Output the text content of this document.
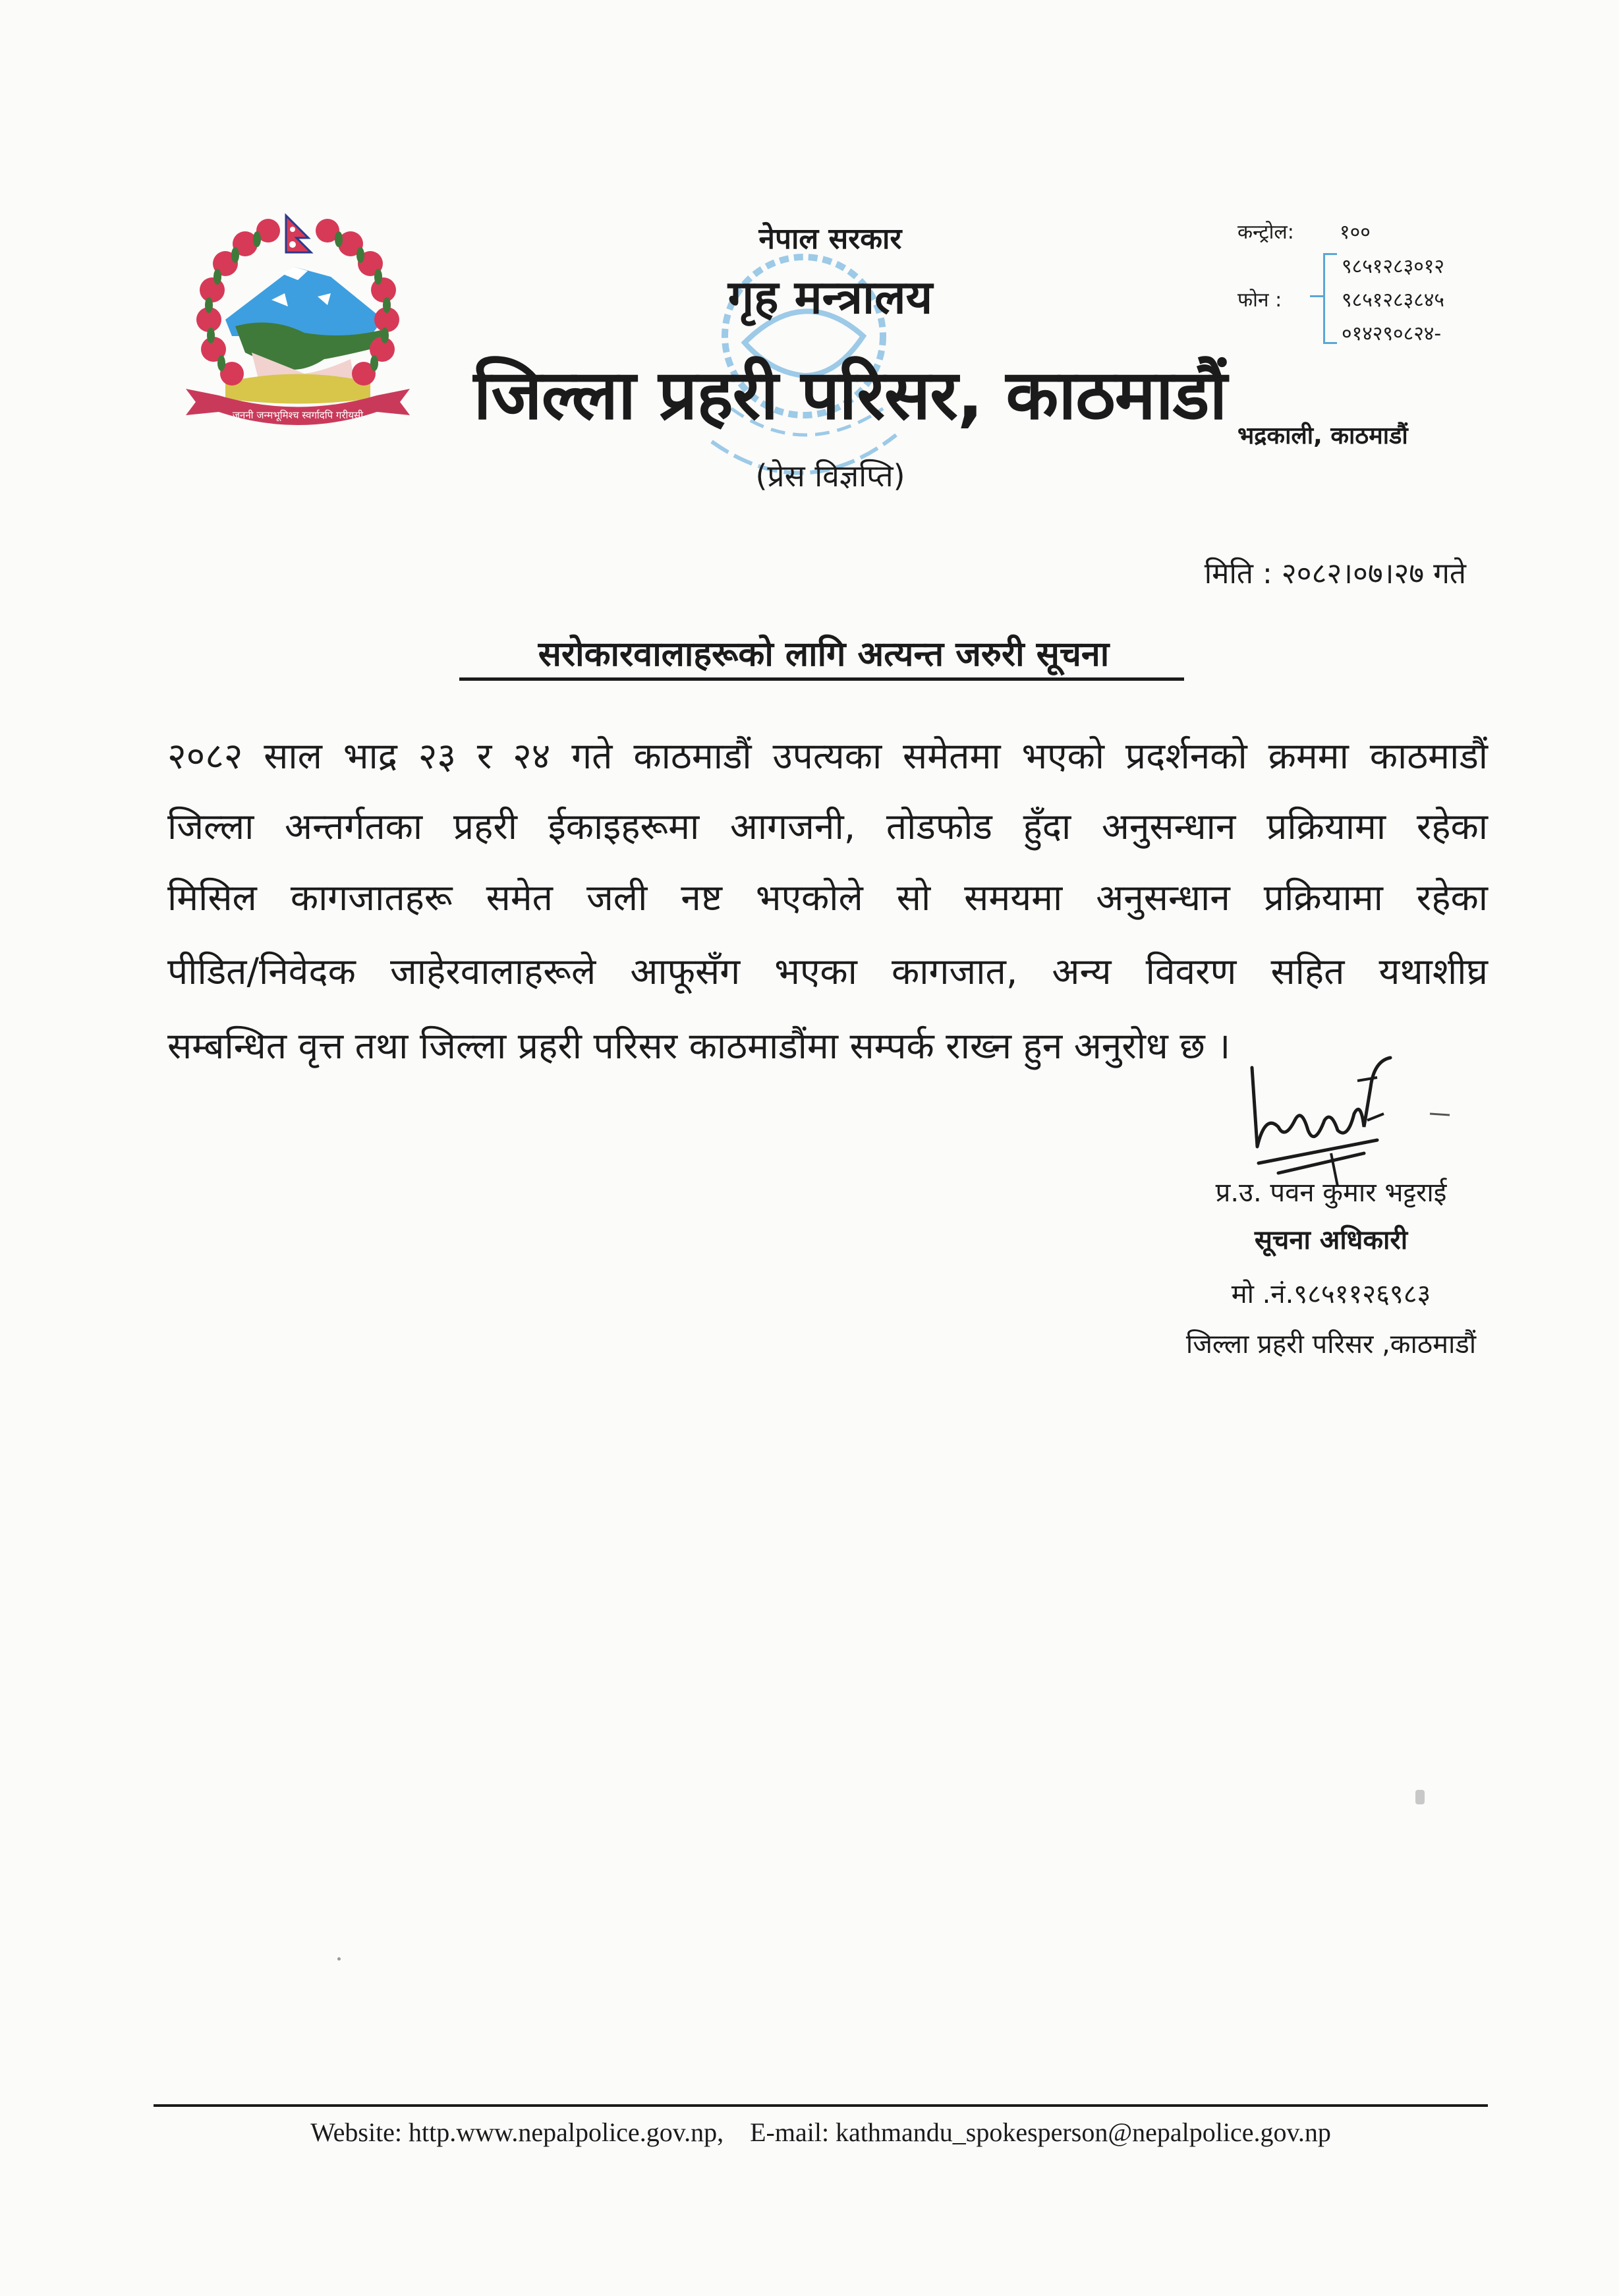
जननी जन्मभूमिश्च स्वर्गादपि गरीयसी
नेपाल सरकार
गृह मन्त्रालय
जिल्ला प्रहरी परिसर, काठमाडौं
(प्रेस विज्ञप्ति)
कन्ट्रोल: १००
फोन :
९८५१२८३०१२
९८५१२८३८४५
०१४२९०८२४-
भद्रकाली, काठमाडौं
मिति : २०८२।०७।२७ गते
सरोकारवालाहरूको लागि अत्यन्त जरुरी सूचना
२०८२ साल भाद्र २३ र २४ गते काठमाडौं उपत्यका समेतमा भएको प्रदर्शनको क्रममा काठमाडौं
जिल्ला अन्तर्गतका प्रहरी ईकाइहरूमा आगजनी, तोडफोड हुँदा अनुसन्धान प्रक्रियामा रहेका
मिसिल कागजातहरू समेत जली नष्ट भएकोले सो समयमा अनुसन्धान प्रक्रियामा रहेका
पीडित/निवेदक जाहेरवालाहरूले आफूसँग भएका कागजात, अन्य विवरण सहित यथाशीघ्र
सम्बन्धित वृत्त तथा जिल्ला प्रहरी परिसर काठमाडौंमा सम्पर्क राख्न हुन अनुरोध छ ।
प्र.उ. पवन कुमार भट्टराई
सूचना अधिकारी
मो .नं.९८५११२६९८३
जिल्ला प्रहरी परिसर ,काठमाडौं
Website: http.www.nepalpolice.gov.np,    E-mail: kathmandu_spokesperson@nepalpolice.gov.np
